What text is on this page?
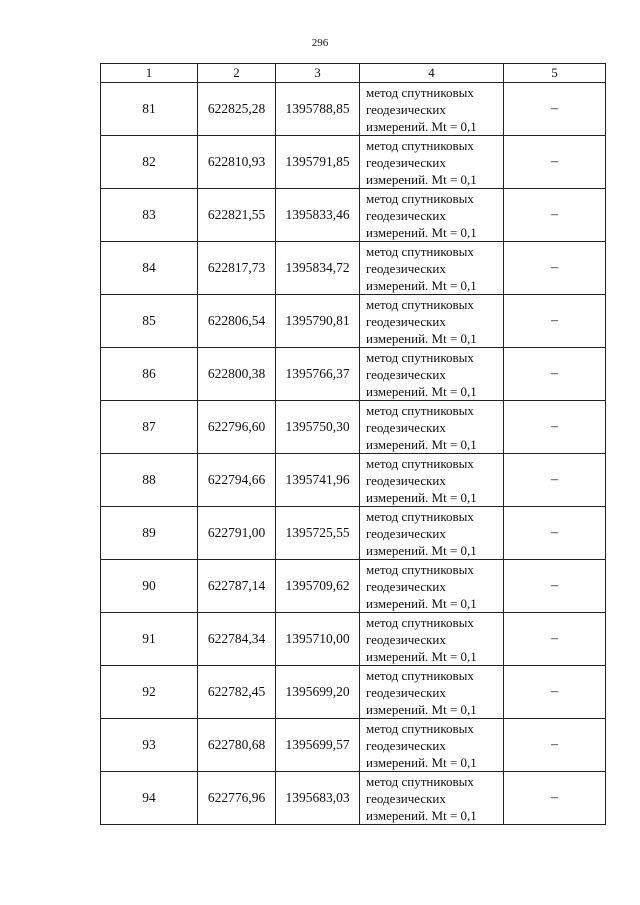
296
1	2	3	4	5
81	622825,28	1395788,85	метод спутниковых геодезических измерений. Mt = 0,1	–
82	622810,93	1395791,85	метод спутниковых геодезических измерений. Mt = 0,1	–
83	622821,55	1395833,46	метод спутниковых геодезических измерений. Mt = 0,1	–
84	622817,73	1395834,72	метод спутниковых геодезических измерений. Mt = 0,1	–
85	622806,54	1395790,81	метод спутниковых геодезических измерений. Mt = 0,1	–
86	622800,38	1395766,37	метод спутниковых геодезических измерений. Mt = 0,1	–
87	622796,60	1395750,30	метод спутниковых геодезических измерений. Mt = 0,1	–
88	622794,66	1395741,96	метод спутниковых геодезических измерений. Mt = 0,1	–
89	622791,00	1395725,55	метод спутниковых геодезических измерений. Mt = 0,1	–
90	622787,14	1395709,62	метод спутниковых геодезических измерений. Mt = 0,1	–
91	622784,34	1395710,00	метод спутниковых геодезических измерений. Mt = 0,1	–
92	622782,45	1395699,20	метод спутниковых геодезических измерений. Mt = 0,1	–
93	622780,68	1395699,57	метод спутниковых геодезических измерений. Mt = 0,1	–
94	622776,96	1395683,03	метод спутниковых геодезических измерений. Mt = 0,1	–
